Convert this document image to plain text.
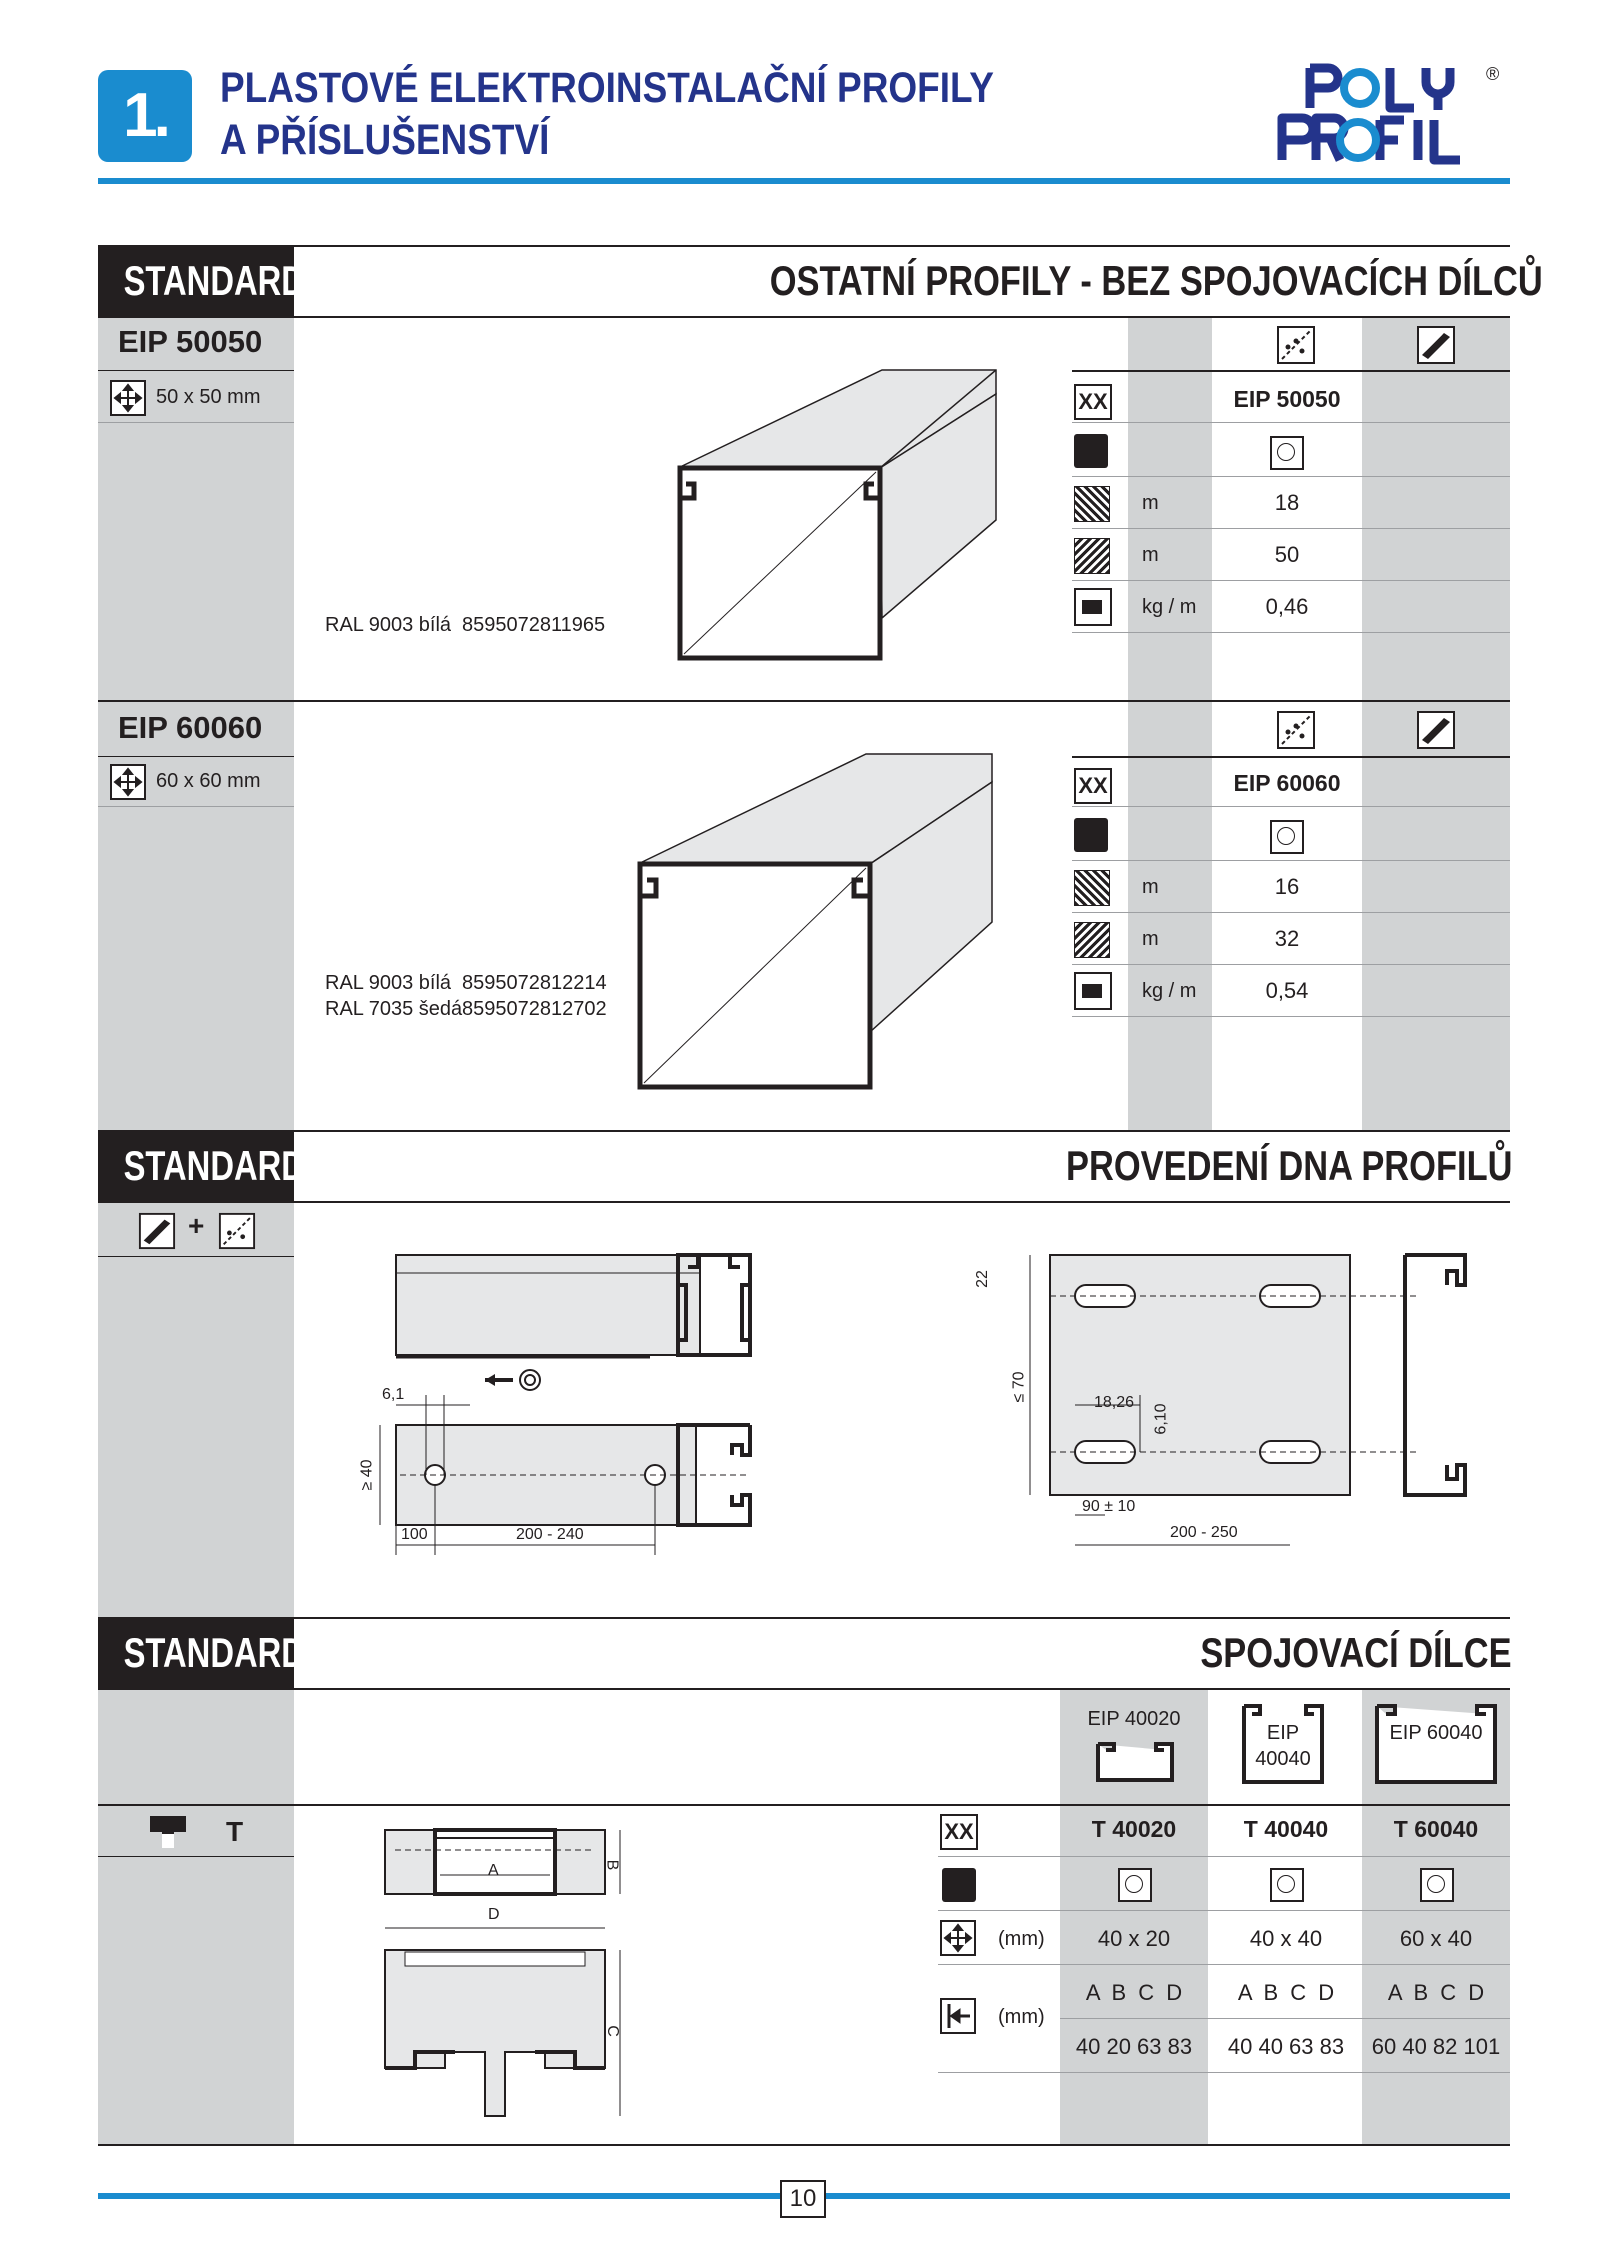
1.	PLASTOVÉ ELEKTROINSTALAČNÍ PROFILY
A PŘÍSLUŠENSTVÍ
®
STANDARD	OSTATNÍ PROFILY - BEZ SPOJOVACÍCH DÍLCŮ
EIP 50050
50 x 50 mm
RAL 9003 bílá 8595072811965
XX	EIP 50050
m	18
m	50
kg / m	0,46
EIP 60060
60 x 60 mm
RAL 9003 bílá 8595072812214
RAL 7035 šedá 8595072812702
XX	EIP 60060
m	16
m	32
kg / m	0,54
STANDARD	PROVEDENÍ DNA PROFILŮ
+
6,1
≥ 40
100	200 - 240
22
≤ 70	18,26
6,10
90 ± 10
200 - 250
STANDARD	SPOJOVACÍ DÍLCE
EIP 40020
EIP 40040
EIP 60040
T
A	B
D
C
XX	T 40020	T 40040	T 60040
(mm)	40 x 20	40 x 40	60 x 40
(mm)
A B C D	A B C D	A B C D
40 20 63 83	40 40 63 83	60 40 82 101
10
